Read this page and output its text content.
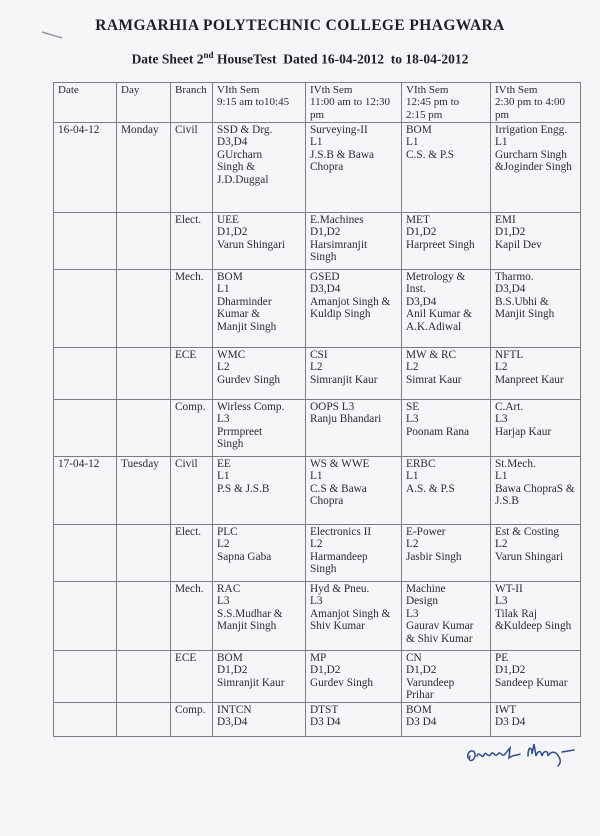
RAMGARHIA POLYTECHNIC COLLEGE PHAGWARA
Date Sheet 2nd HouseTest  Dated 16-04-2012  to 18-04-2012
Date	Day	Branch	VIth Sem
9:15 am to10:45	IVth Sem
11:00 am to 12:30
pm	VIth Sem
12:45 pm to
2:15 pm	IVth Sem
2:30 pm to 4:00
pm

16-04-12	Monday	Civil	SSD & Drg.
D3,D4
GUrcharn
Singh &
J.D.Duggal	Surveying-II
L1
J.S.B & Bawa
Chopra	BOM
L1
C.S. & P.S	Irrigation Engg.
L1
Gurcharn Singh
&Joginder Singh

		Elect.	UEE
D1,D2
Varun Shingari	E.Machines
D1,D2
Harsimranjit
Singh	MET
D1,D2
Harpreet Singh	EMI
D1,D2
Kapil Dev

		Mech.	BOM
L1
Dharminder
Kumar &
Manjit Singh	GSED
D3,D4
Amanjot Singh &
Kuldip Singh	Metrology &
Inst.
D3,D4
Anil Kumar &
A.K.Adiwal	Tharmo.
D3,D4
B.S.Ubhi &
Manjit Singh

		ECE	WMC
L2
Gurdev Singh	CSI
L2
Simranjit Kaur	MW & RC
L2
Simrat Kaur	NFTL
L2
Manpreet Kaur

		Comp.	Wirless Comp.
L3
Prrmpreet
Singh	OOPS L3
Ranju Bhandari	SE
L3
Poonam Rana	C.Art.
L3
Harjap Kaur

17-04-12	Tuesday	Civil	EE
L1
P.S & J.S.B	WS & WWE
L1
C.S & Bawa
Chopra	ERBC
L1
A.S. & P.S	St.Mech.
L1
Bawa ChopraS &
J.S.B

		Elect.	PLC
L2
Sapna Gaba	Electronics II
L2
Harmandeep
Singh	E-Power
L2
Jasbir Singh	Est & Costing
L2
Varun Shingari

		Mech.	RAC
L3
S.S.Mudhar &
Manjit Singh	Hyd & Pneu.
L3
Amanjot Singh &
Shiv Kumar	Machine
Design
L3
Gaurav Kumar
& Shiv Kumar	WT-II
L3
Tilak Raj
&Kuldeep Singh

		ECE	BOM
D1,D2
Simranjit Kaur	MP
D1,D2
Gurdev Singh	CN
D1,D2
Varundeep
Prihar	PE
D1,D2
Sandeep Kumar

		Comp.	INTCN
D3,D4	DTST
D3 D4	BOM
D3 D4	IWT
D3 D4
